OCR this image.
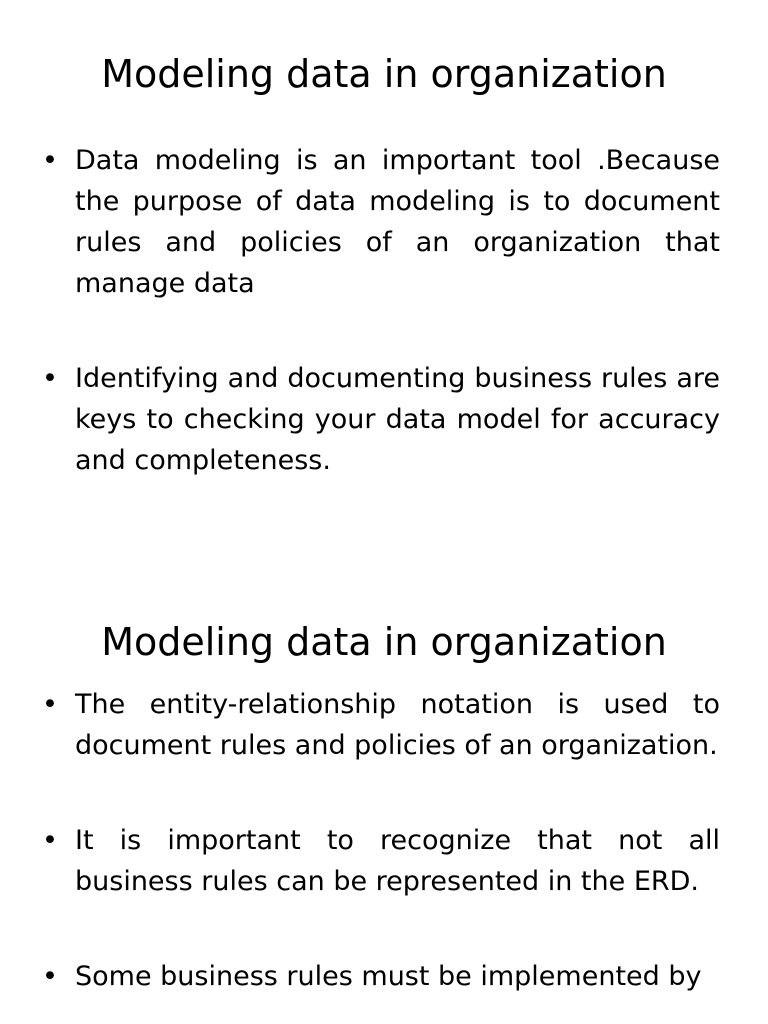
Modeling data in organization
• Data modeling is an important tool .Because the purpose of data modeling is to document rules and policies of an organization that manage data
• Identifying and documenting business rules are keys to checking your data model for accuracy and completeness.
Modeling data in organization
• The entity-relationship notation is used to document rules and policies of an organization.
• It is important to recognize that not all business rules can be represented in the ERD.
• Some business rules must be implemented by
